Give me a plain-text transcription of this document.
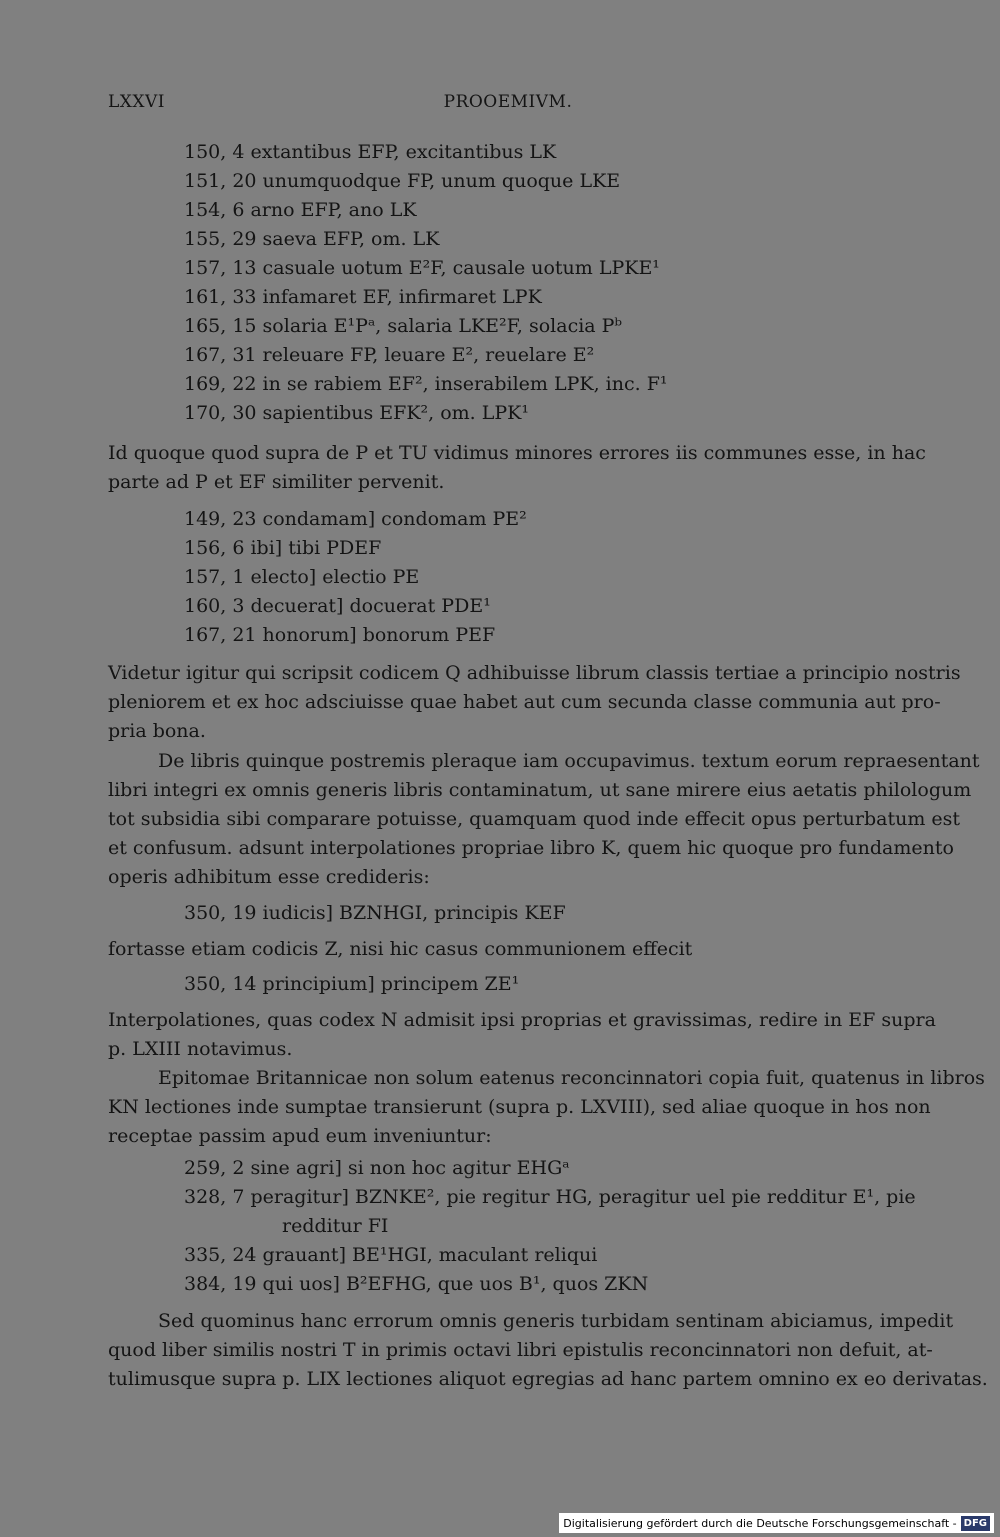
LXXVI	PROOEMIVM.
150, 4 extantibus EFP, excitantibus LK
151, 20 unumquodque FP, unum quoque LKE
154, 6 arno EFP, ano LK
155, 29 saeva EFP, om. LK
157, 13 casuale uotum E²F, causale uotum LPKE¹
161, 33 infamaret EF, infirmaret LPK
165, 15 solaria E¹Pᵃ, salaria LKE²F, solacia Pᵇ
167, 31 releuare FP, leuare E², reuelare E²
169, 22 in se rabiem EF², inserabilem LPK, inc. F¹
170, 30 sapientibus EFK², om. LPK¹
Id quoque quod supra de P et TU vidimus minores errores iis communes esse, in hac
parte ad P et EF similiter pervenit.
149, 23 condamam] condomam PE²
156, 6 ibi] tibi PDEF
157, 1 electo] electio PE
160, 3 decuerat] docuerat PDE¹
167, 21 honorum] bonorum PEF
Videtur igitur qui scripsit codicem Q adhibuisse librum classis tertiae a principio nostris
pleniorem et ex hoc adsciuisse quae habet aut cum secunda classe communia aut pro-
pria bona.
De libris quinque postremis pleraque iam occupavimus. textum eorum repraesentant
libri integri ex omnis generis libris contaminatum, ut sane mirere eius aetatis philologum
tot subsidia sibi comparare potuisse, quamquam quod inde effecit opus perturbatum est
et confusum. adsunt interpolationes propriae libro K, quem hic quoque pro fundamento
operis adhibitum esse credideris:
350, 19 iudicis] BZNHGI, principis KEF
fortasse etiam codicis Z, nisi hic casus communionem effecit
350, 14 principium] principem ZE¹
Interpolationes, quas codex N admisit ipsi proprias et gravissimas, redire in EF supra
p. LXIII notavimus.
Epitomae Britannicae non solum eatenus reconcinnatori copia fuit, quatenus in libros
KN lectiones inde sumptae transierunt (supra p. LXVIII), sed aliae quoque in hos non
receptae passim apud eum inveniuntur:
259, 2 sine agri] si non hoc agitur EHGᵃ
328, 7 peragitur] BZNKE², pie regitur HG, peragitur uel pie redditur E¹, pie
redditur FI
335, 24 grauant] BE¹HGI, maculant reliqui
384, 19 qui uos] B²EFHG, que uos B¹, quos ZKN
Sed quominus hanc errorum omnis generis turbidam sentinam abiciamus, impedit
quod liber similis nostri T in primis octavi libri epistulis reconcinnatori non defuit, at-
tulimusque supra p. LIX lectiones aliquot egregias ad hanc partem omnino ex eo derivatas.
Digitalisierung gefördert durch die Deutsche Forschungsgemeinschaft - DFG
